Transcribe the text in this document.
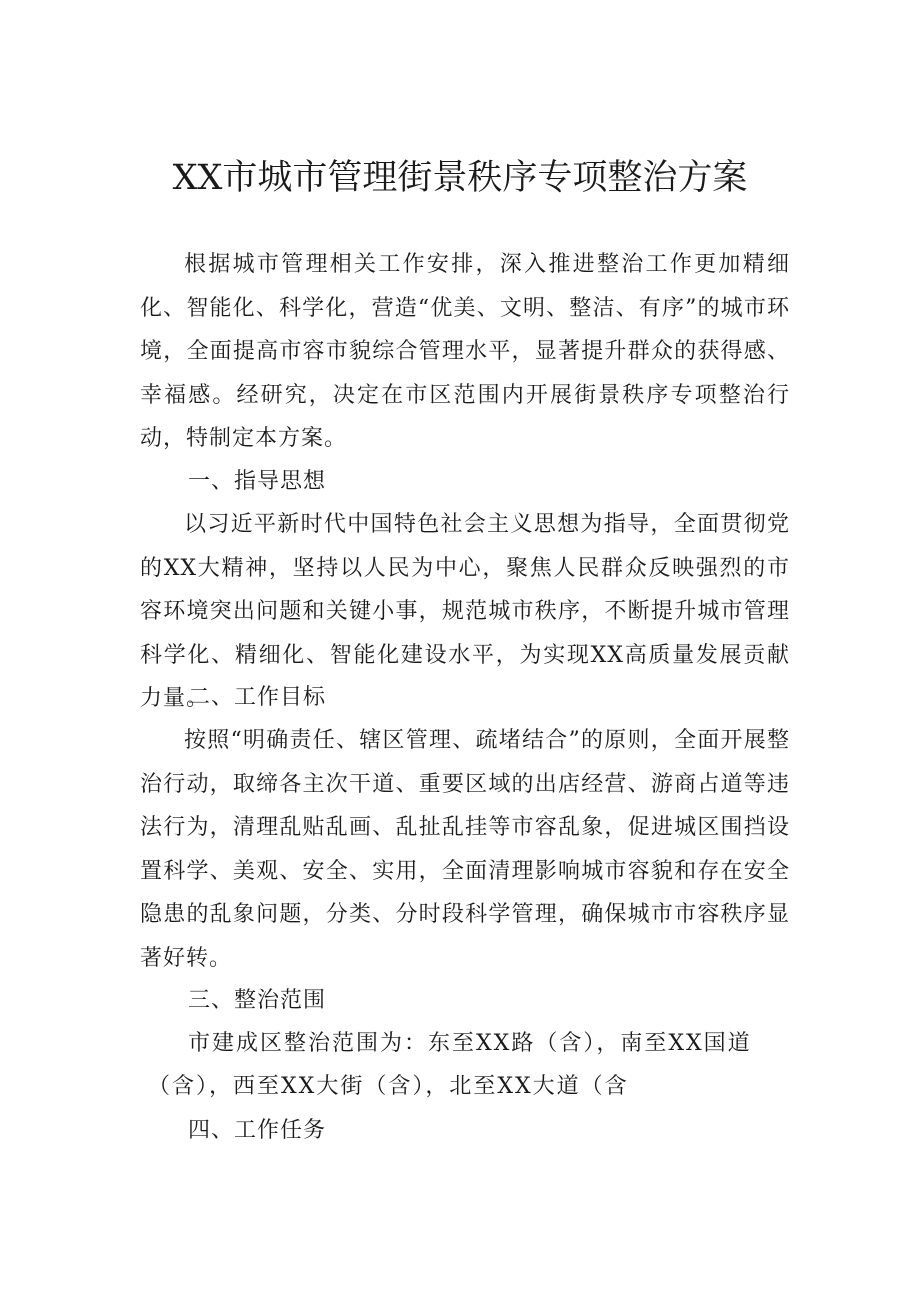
XX市城市管理街景秩序专项整治方案

根据城市管理相关工作安排，深入推进整治工作更加精细化、智能化、科学化，营造“优美、文明、整洁、有序”的城市环境，全面提高市容市貌综合管理水平，显著提升群众的获得感、幸福感。经研究，决定在市区范围内开展街景秩序专项整治行动，特制定本方案。

一、指导思想

以习近平新时代中国特色社会主义思想为指导，全面贯彻党的XX大精神，坚持以人民为中心，聚焦人民群众反映强烈的市容环境突出问题和关键小事，规范城市秩序，不断提升城市管理科学化、精细化、智能化建设水平，为实现XX高质量发展贡献力量。

二、工作目标

按照“明确责任、辖区管理、疏堵结合”的原则，全面开展整治行动，取缔各主次干道、重要区域的出店经营、游商占道等违法行为，清理乱贴乱画、乱扯乱挂等市容乱象，促进城区围挡设置科学、美观、安全、实用，全面清理影响城市容貌和存在安全隐患的乱象问题，分类、分时段科学管理，确保城市市容秩序显著好转。

三、整治范围
市建成区整治范围为：东至XX路（含），南至XX国道
（含），西至XX大街（含），北至XX大道（含
四、工作任务
